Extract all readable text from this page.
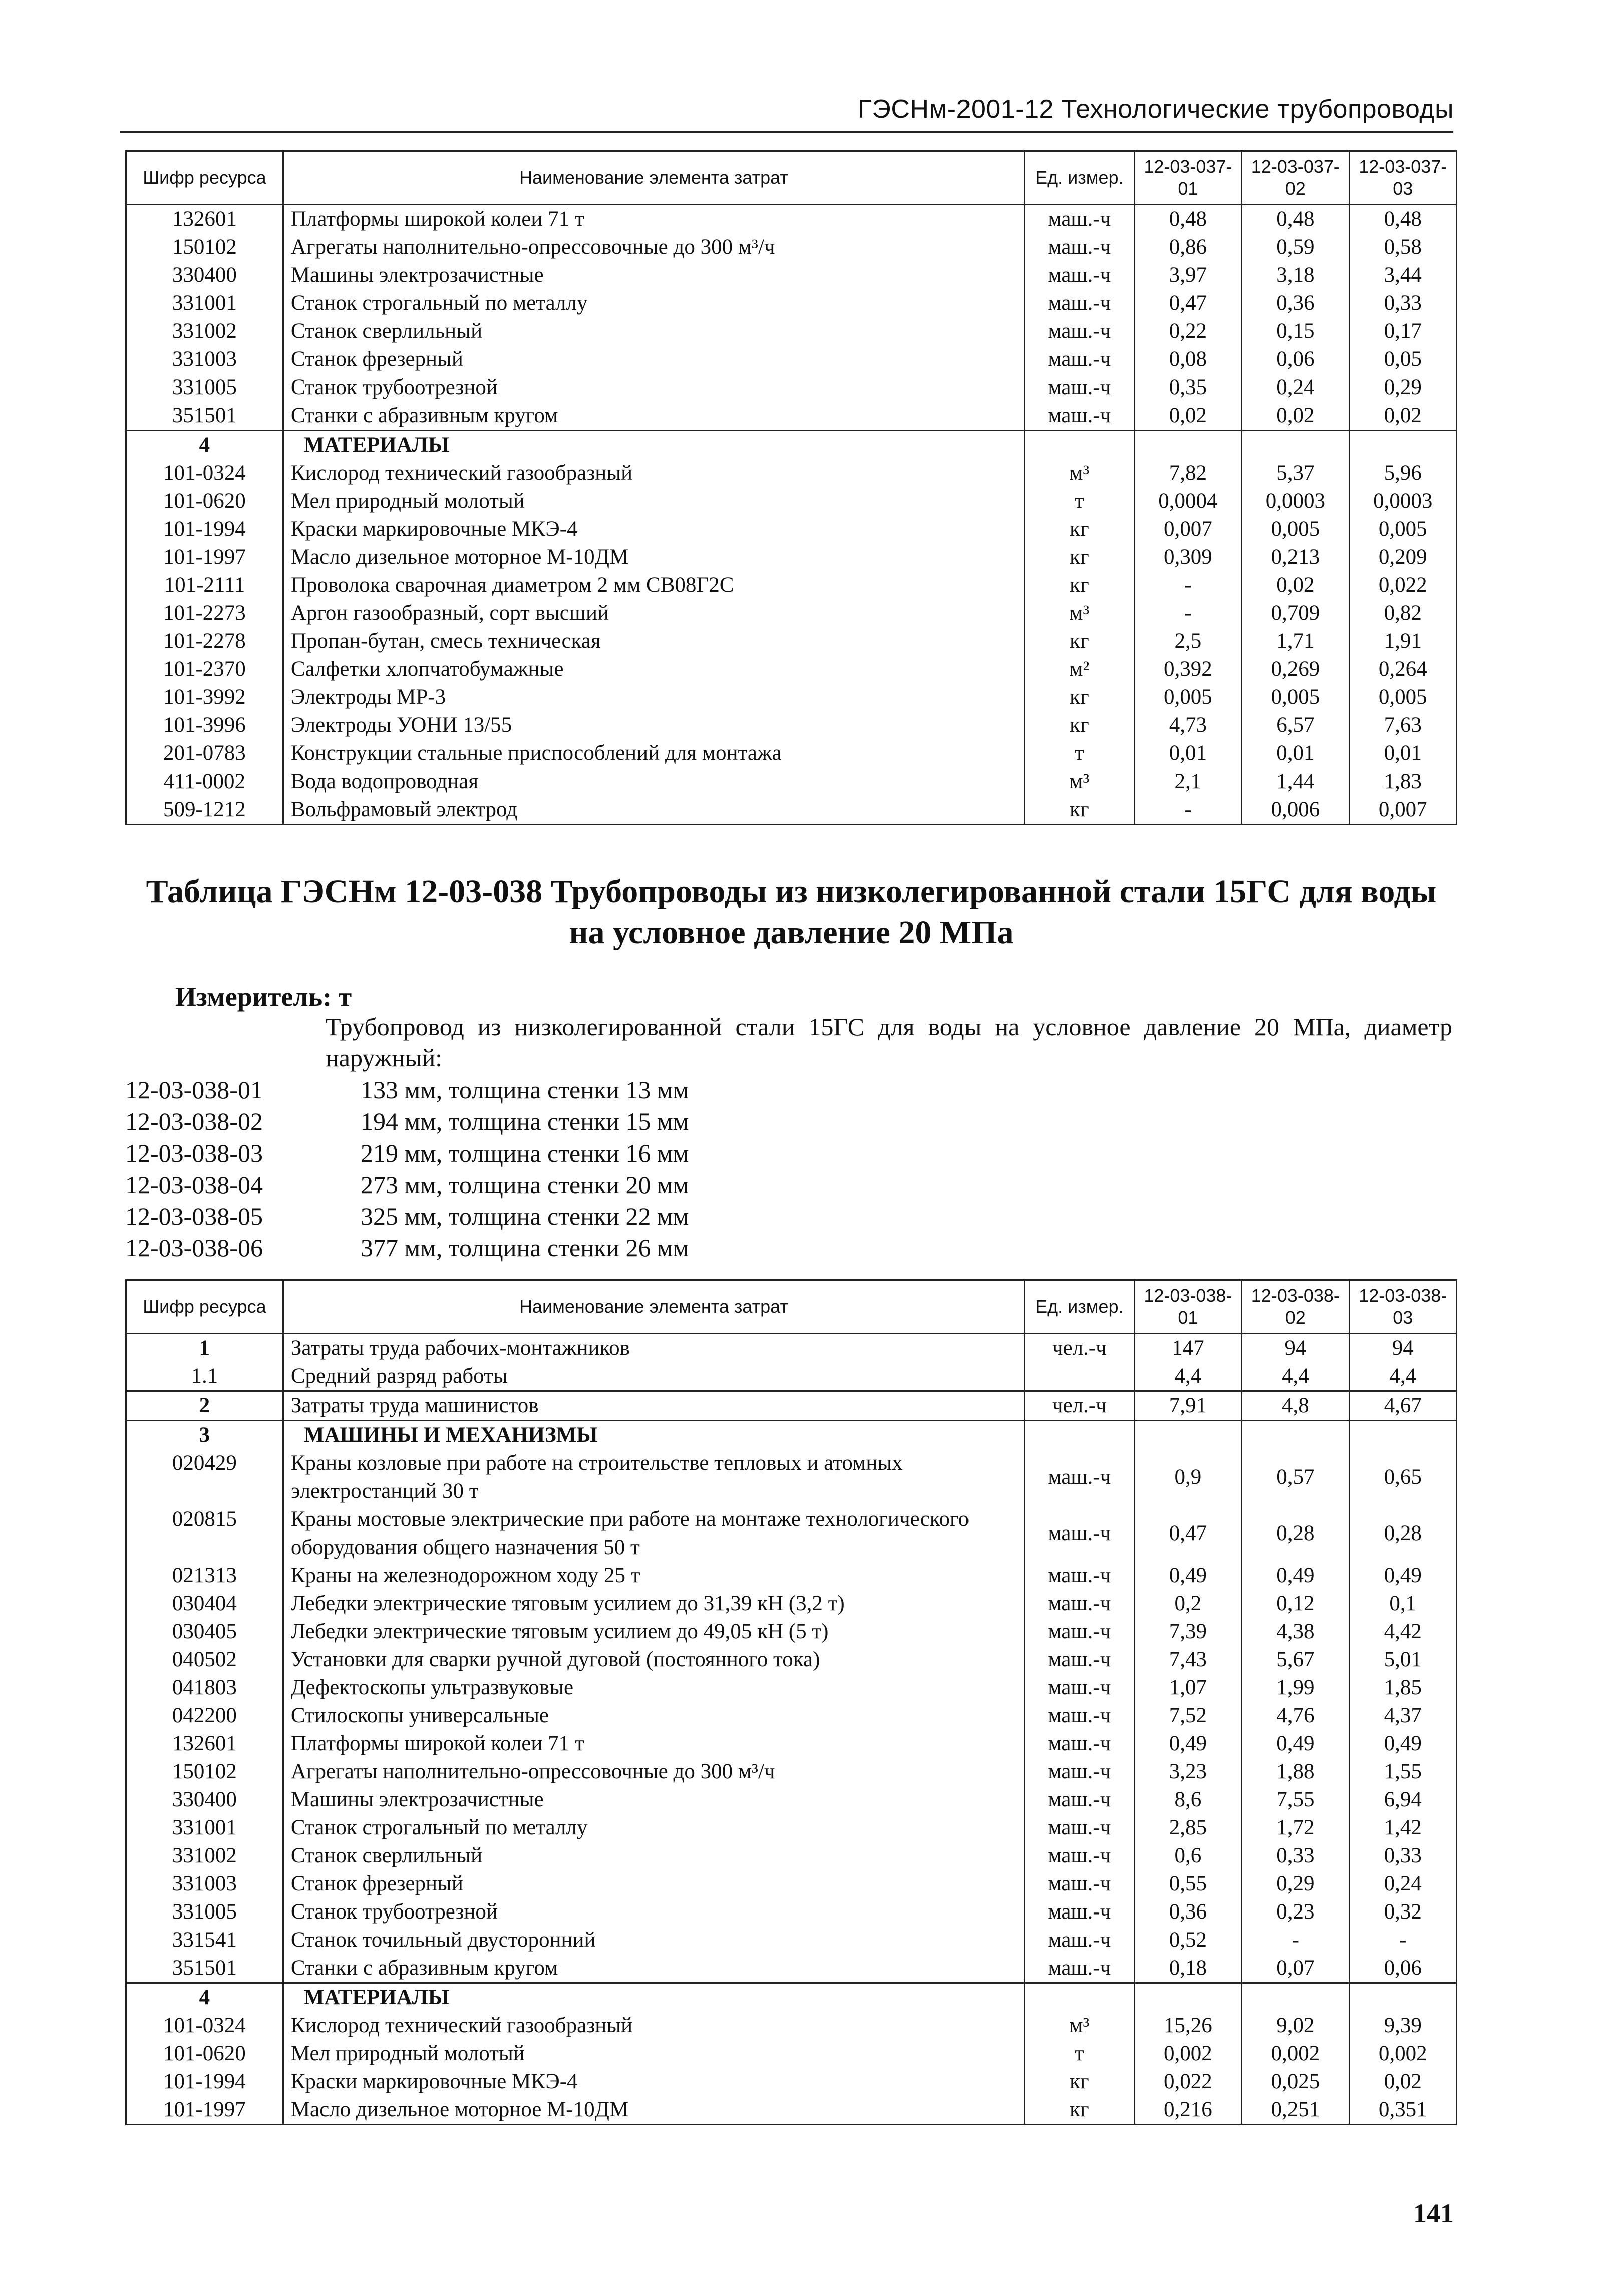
ГЭСНм-2001-12 Технологические трубопроводы
Шифр ресурса	Наименование элемента затрат	Ед. измер.	12-03-037-01	12-03-037-02	12-03-037-03
132601	Платформы широкой колеи 71 т	маш.-ч	0,48	0,48	0,48
150102	Агрегаты наполнительно-опрессовочные до 300 м³/ч	маш.-ч	0,86	0,59	0,58
330400	Машины электрозачистные	маш.-ч	3,97	3,18	3,44
331001	Станок строгальный по металлу	маш.-ч	0,47	0,36	0,33
331002	Станок сверлильный	маш.-ч	0,22	0,15	0,17
331003	Станок фрезерный	маш.-ч	0,08	0,06	0,05
331005	Станок трубоотрезной	маш.-ч	0,35	0,24	0,29
351501	Станки с абразивным кругом	маш.-ч	0,02	0,02	0,02
4	МАТЕРИАЛЫ				
101-0324	Кислород технический газообразный	м³	7,82	5,37	5,96
101-0620	Мел природный молотый	т	0,0004	0,0003	0,0003
101-1994	Краски маркировочные МКЭ-4	кг	0,007	0,005	0,005
101-1997	Масло дизельное моторное М-10ДМ	кг	0,309	0,213	0,209
101-2111	Проволока сварочная диаметром 2 мм СВ08Г2С	кг	-	0,02	0,022
101-2273	Аргон газообразный, сорт высший	м³	-	0,709	0,82
101-2278	Пропан-бутан, смесь техническая	кг	2,5	1,71	1,91
101-2370	Салфетки хлопчатобумажные	м²	0,392	0,269	0,264
101-3992	Электроды МР-3	кг	0,005	0,005	0,005
101-3996	Электроды УОНИ 13/55	кг	4,73	6,57	7,63
201-0783	Конструкции стальные приспособлений для монтажа	т	0,01	0,01	0,01
411-0002	Вода водопроводная	м³	2,1	1,44	1,83
509-1212	Вольфрамовый электрод	кг	-	0,006	0,007
Таблица ГЭСНм 12-03-038 Трубопроводы из низколегированной стали 15ГС для воды
на условное давление 20 МПа
Измеритель: т
Трубопровод из низколегированной стали 15ГС для воды на условное давление 20 МПа, диаметр наружный:
12-03-038-01	133 мм, толщина стенки 13 мм
12-03-038-02	194 мм, толщина стенки 15 мм
12-03-038-03	219 мм, толщина стенки 16 мм
12-03-038-04	273 мм, толщина стенки 20 мм
12-03-038-05	325 мм, толщина стенки 22 мм
12-03-038-06	377 мм, толщина стенки 26 мм
Шифр ресурса	Наименование элемента затрат	Ед. измер.	12-03-038-01	12-03-038-02	12-03-038-03
1	Затраты труда рабочих-монтажников	чел.-ч	147	94	94
1.1	Средний разряд работы		4,4	4,4	4,4
2	Затраты труда машинистов	чел.-ч	7,91	4,8	4,67
3	МАШИНЫ И МЕХАНИЗМЫ				
020429	Краны козловые при работе на строительстве тепловых и атомных электростанций 30 т	маш.-ч	0,9	0,57	0,65
020815	Краны мостовые электрические при работе на монтаже технологического оборудования общего назначения 50 т	маш.-ч	0,47	0,28	0,28
021313	Краны на железнодорожном ходу 25 т	маш.-ч	0,49	0,49	0,49
030404	Лебедки электрические тяговым усилием до 31,39 кН (3,2 т)	маш.-ч	0,2	0,12	0,1
030405	Лебедки электрические тяговым усилием до 49,05 кН (5 т)	маш.-ч	7,39	4,38	4,42
040502	Установки для сварки ручной дуговой (постоянного тока)	маш.-ч	7,43	5,67	5,01
041803	Дефектоскопы ультразвуковые	маш.-ч	1,07	1,99	1,85
042200	Стилоскопы универсальные	маш.-ч	7,52	4,76	4,37
132601	Платформы широкой колеи 71 т	маш.-ч	0,49	0,49	0,49
150102	Агрегаты наполнительно-опрессовочные до 300 м³/ч	маш.-ч	3,23	1,88	1,55
330400	Машины электрозачистные	маш.-ч	8,6	7,55	6,94
331001	Станок строгальный по металлу	маш.-ч	2,85	1,72	1,42
331002	Станок сверлильный	маш.-ч	0,6	0,33	0,33
331003	Станок фрезерный	маш.-ч	0,55	0,29	0,24
331005	Станок трубоотрезной	маш.-ч	0,36	0,23	0,32
331541	Станок точильный двусторонний	маш.-ч	0,52	-	-
351501	Станки с абразивным кругом	маш.-ч	0,18	0,07	0,06
4	МАТЕРИАЛЫ				
101-0324	Кислород технический газообразный	м³	15,26	9,02	9,39
101-0620	Мел природный молотый	т	0,002	0,002	0,002
101-1994	Краски маркировочные МКЭ-4	кг	0,022	0,025	0,02
101-1997	Масло дизельное моторное М-10ДМ	кг	0,216	0,251	0,351
141
